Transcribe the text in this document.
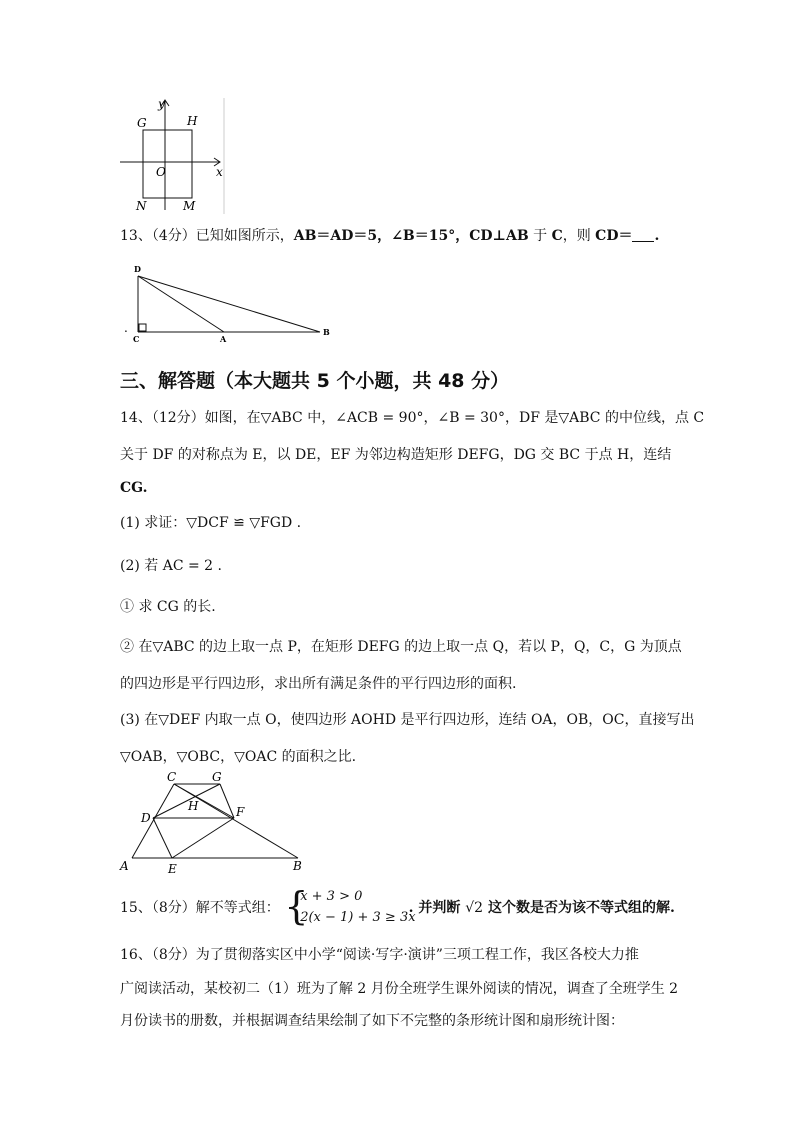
y
x
G	H
O
N	M
13、（4分）已知如图所示，AB＝AD＝5，∠B＝15°，CD⊥AB 于 C，则 CD＝ .
D
C	A
B
.
三、解答题（本大题共 5 个小题，共 48 分）
14、（12分）如图，在▽ABC 中，∠ACB = 90°，∠B = 30°，DF 是▽ABC 的中位线，点 C
关于 DF 的对称点为 E，以 DE，EF 为邻边构造矩形 DEFG，DG 交 BC 于点 H，连结
CG.
(1) 求证：▽DCF ≌ ▽FGD .
(2) 若 AC = 2 .
① 求 CG 的长.
② 在▽ABC 的边上取一点 P，在矩形 DEFG 的边上取一点 Q，若以 P，Q，C，G 为顶点
的四边形是平行四边形，求出所有满足条件的平行四边形的面积.
(3) 在▽DEF 内取一点 O，使四边形 AOHD 是平行四边形，连结 OA，OB，OC，直接写出
▽OAB，▽OBC，▽OAC 的面积之比.
C	G
H
D	F
A	E	B
15、（8分）解不等式组： {
x + 3 > 0
2(x − 1) + 3 ≥ 3x
. 并判断 √2 这个数是否为该不等式组的解.
16、（8分）为了贯彻落实区中小学“阅读·写字·演讲”三项工程工作，我区各校大力推
广阅读活动，某校初二（1）班为了解 2 月份全班学生课外阅读的情况，调查了全班学生 2
月份读书的册数，并根据调查结果绘制了如下不完整的条形统计图和扇形统计图：
